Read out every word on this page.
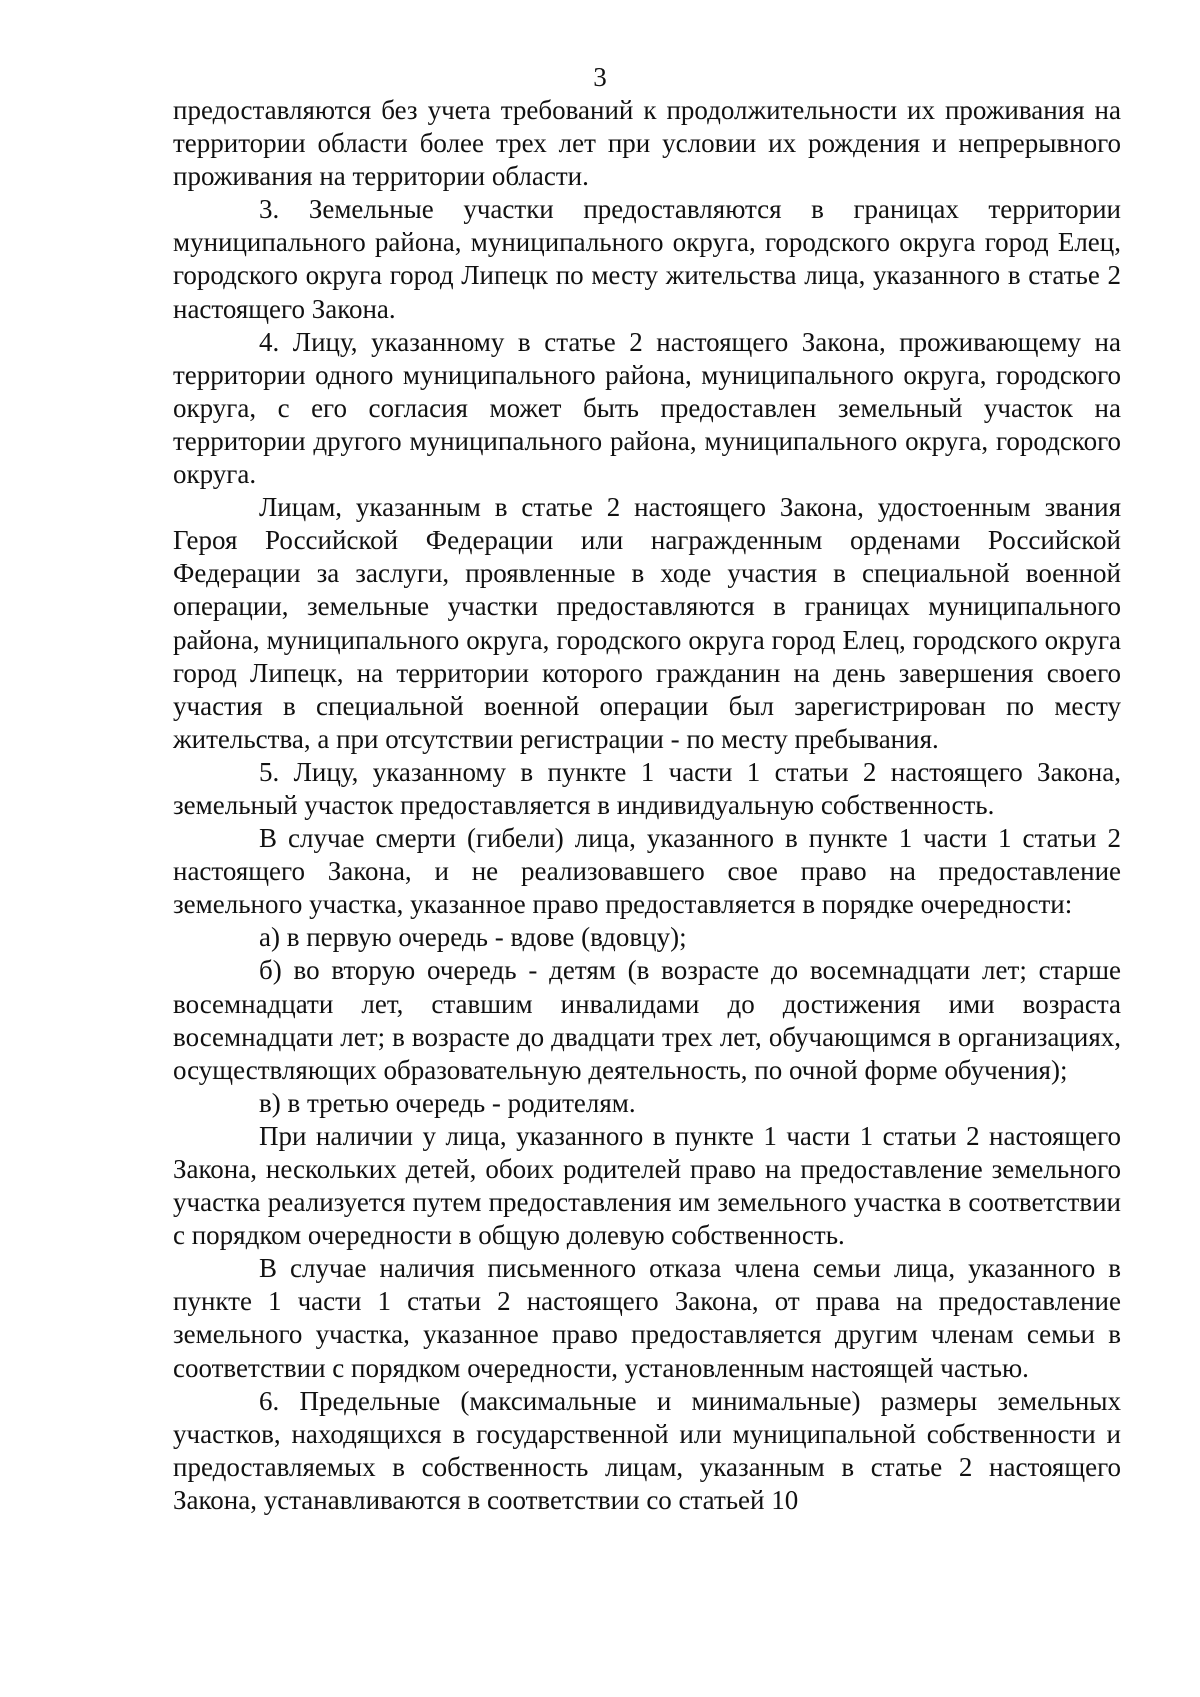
3

предоставляются без учета требований к продолжительности их проживания на территории области более трех лет при условии их рождения и непрерывного проживания на территории области.

3. Земельные участки предоставляются в границах территории муниципального района, муниципального округа, городского округа город Елец, городского округа город Липецк по месту жительства лица, указанного в статье 2 настоящего Закона.

4. Лицу, указанному в статье 2 настоящего Закона, проживающему на территории одного муниципального района, муниципального округа, городского округа, с его согласия может быть предоставлен земельный участок на территории другого муниципального района, муниципального округа, городского округа.

Лицам, указанным в статье 2 настоящего Закона, удостоенным звания Героя Российской Федерации или награжденным орденами Российской Федерации за заслуги, проявленные в ходе участия в специальной военной операции, земельные участки предоставляются в границах муниципального района, муниципального округа, городского округа город Елец, городского округа город Липецк, на территории которого гражданин на день завершения своего участия в специальной военной операции был зарегистрирован по месту жительства, а при отсутствии регистрации - по месту пребывания.

5. Лицу, указанному в пункте 1 части 1 статьи 2 настоящего Закона, земельный участок предоставляется в индивидуальную собственность.

В случае смерти (гибели) лица, указанного в пункте 1 части 1 статьи 2 настоящего Закона, и не реализовавшего свое право на предоставление земельного участка, указанное право предоставляется в порядке очередности:

а) в первую очередь - вдове (вдовцу);

б) во вторую очередь - детям (в возрасте до восемнадцати лет; старше восемнадцати лет, ставшим инвалидами до достижения ими возраста восемнадцати лет; в возрасте до двадцати трех лет, обучающимся в организациях, осуществляющих образовательную деятельность, по очной форме обучения);

в) в третью очередь - родителям.

При наличии у лица, указанного в пункте 1 части 1 статьи 2 настоящего Закона, нескольких детей, обоих родителей право на предоставление земельного участка реализуется путем предоставления им земельного участка в соответствии с порядком очередности в общую долевую собственность.

В случае наличия письменного отказа члена семьи лица, указанного в пункте 1 части 1 статьи 2 настоящего Закона, от права на предоставление земельного участка, указанное право предоставляется другим членам семьи в соответствии с порядком очередности, установленным настоящей частью.

6. Предельные (максимальные и минимальные) размеры земельных участков, находящихся в государственной или муниципальной собственности и предоставляемых в собственность лицам, указанным в статье 2 настоящего Закона, устанавливаются в соответствии со статьей 10
